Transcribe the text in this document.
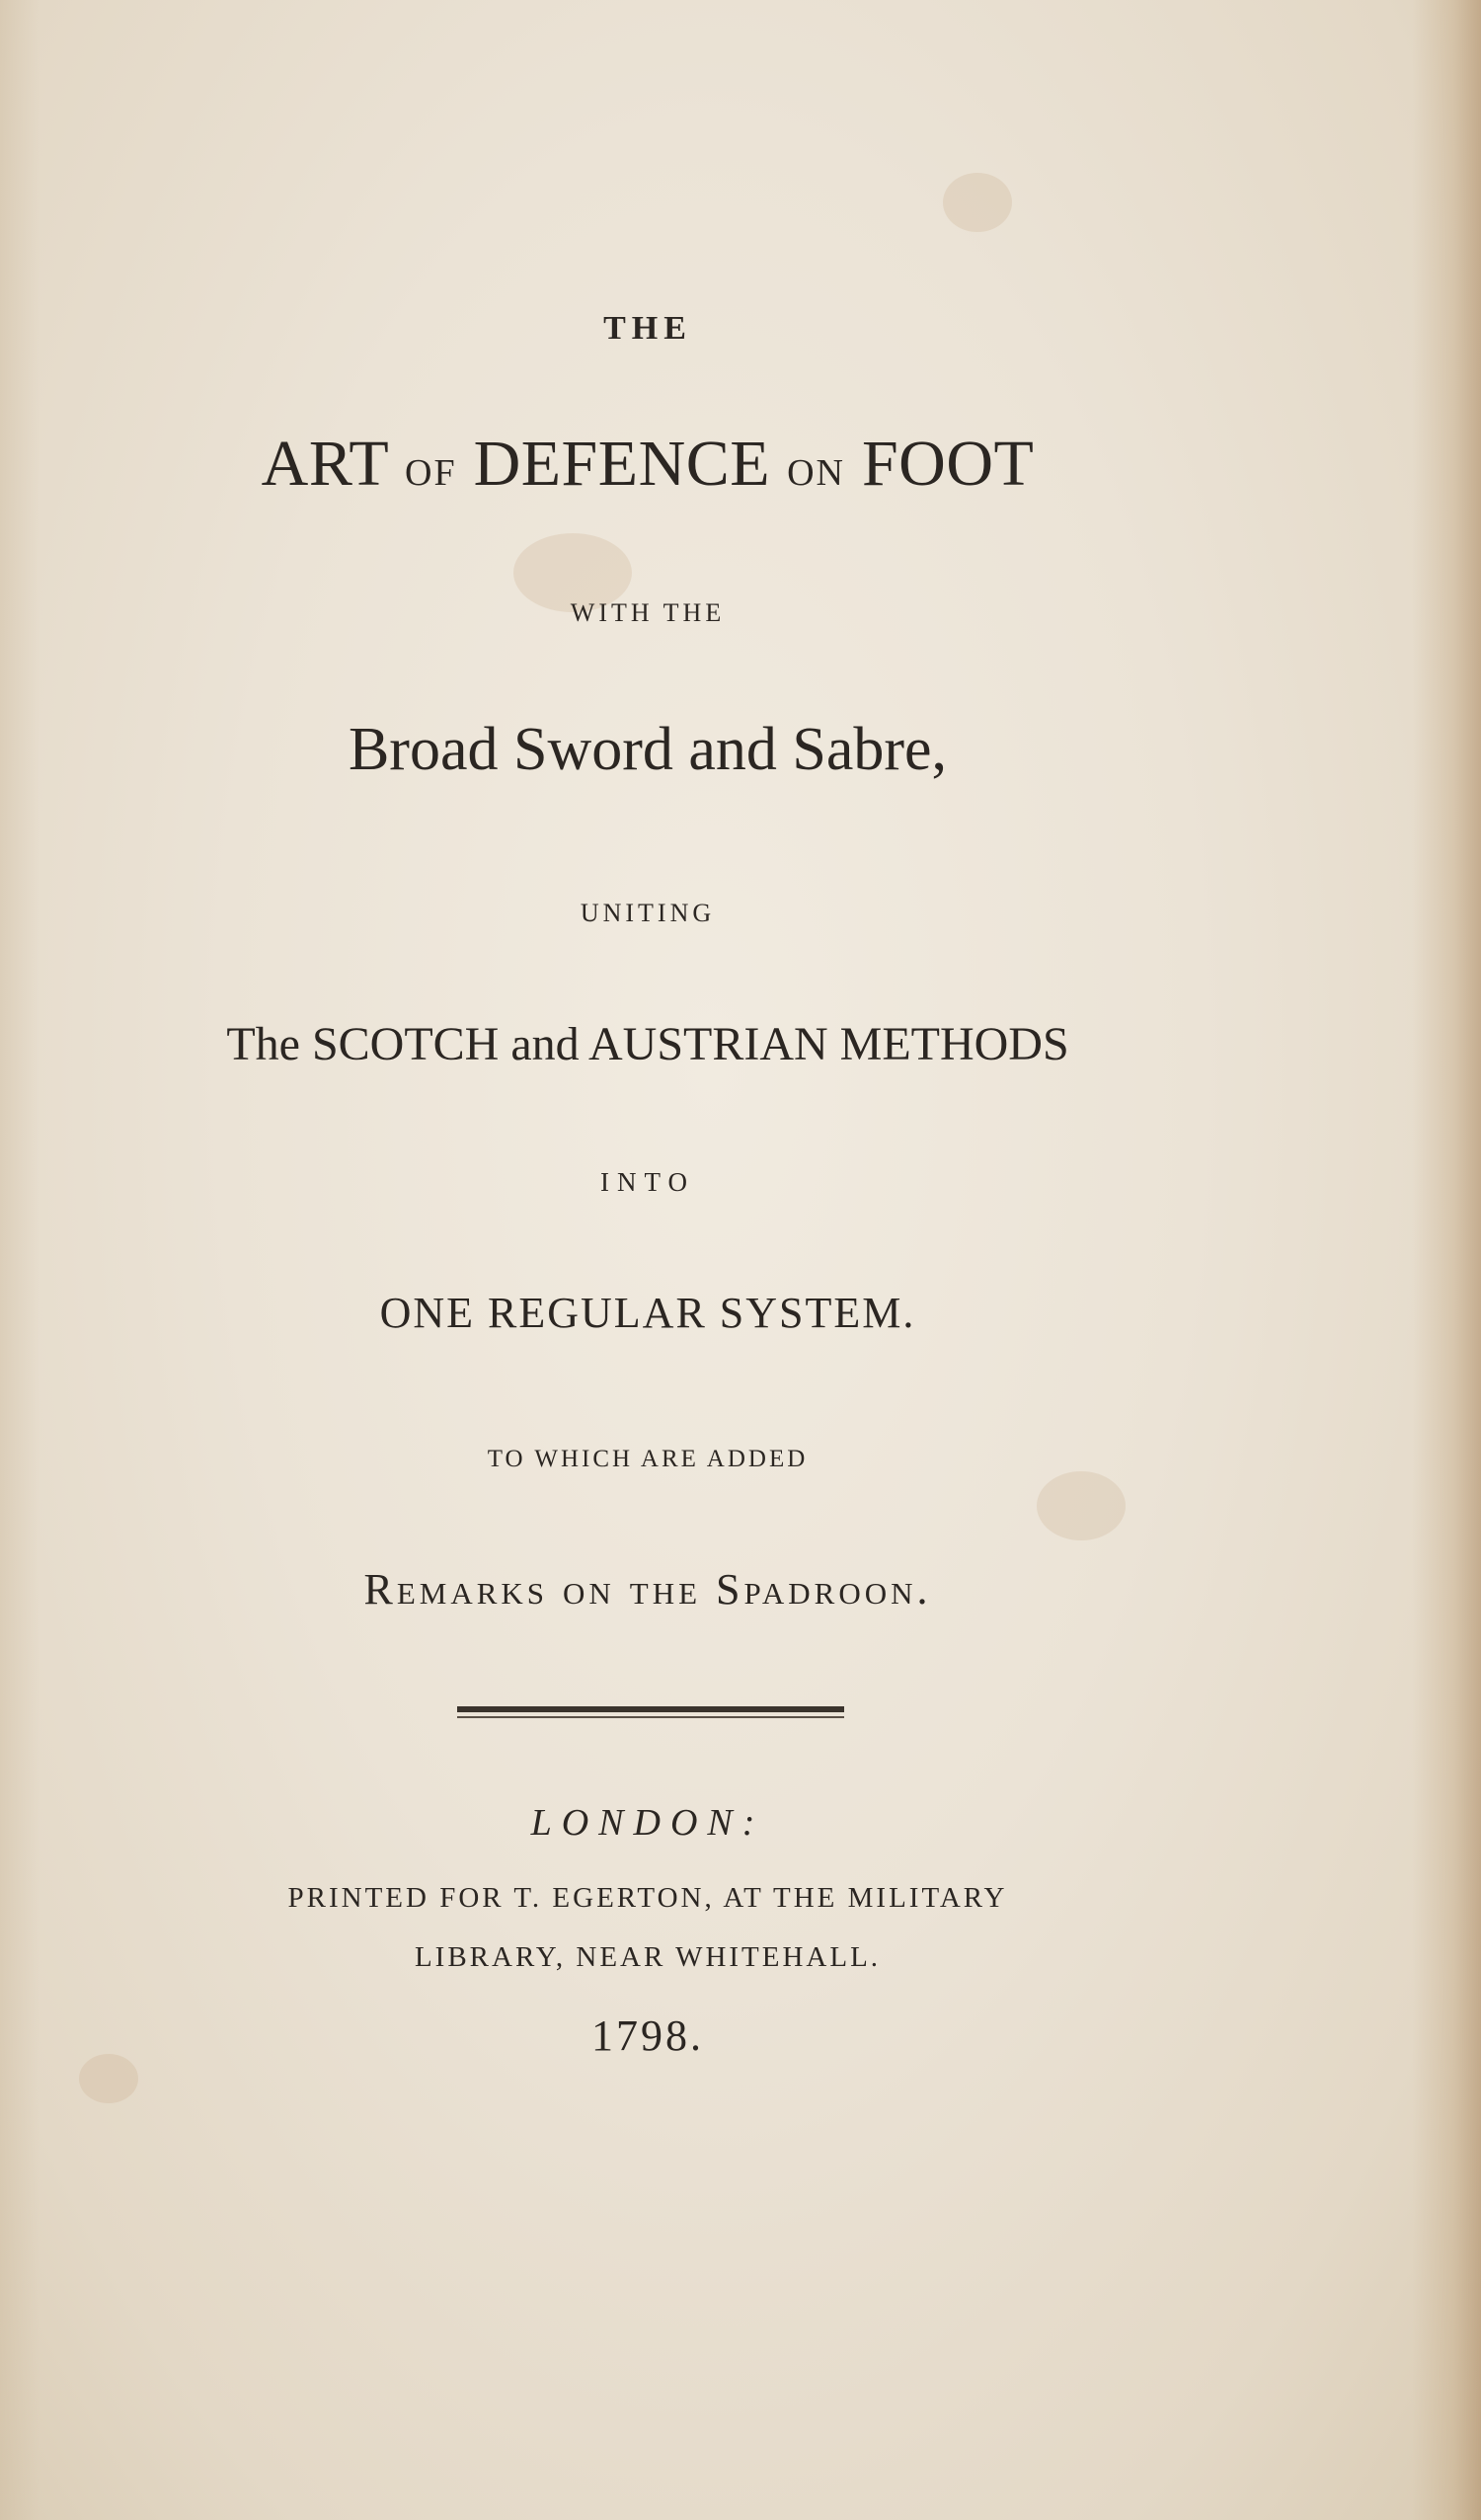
THE
ART OF DEFENCE ON FOOT
WITH THE
Broad Sword and Sabre,
UNITING
The SCOTCH and AUSTRIAN METHODS
INTO
ONE REGULAR SYSTEM.
TO WHICH ARE ADDED
Remarks on the Spadroon.
LONDON:
PRINTED FOR T. EGERTON, AT THE MILITARY
LIBRARY, NEAR WHITEHALL.
1798.
